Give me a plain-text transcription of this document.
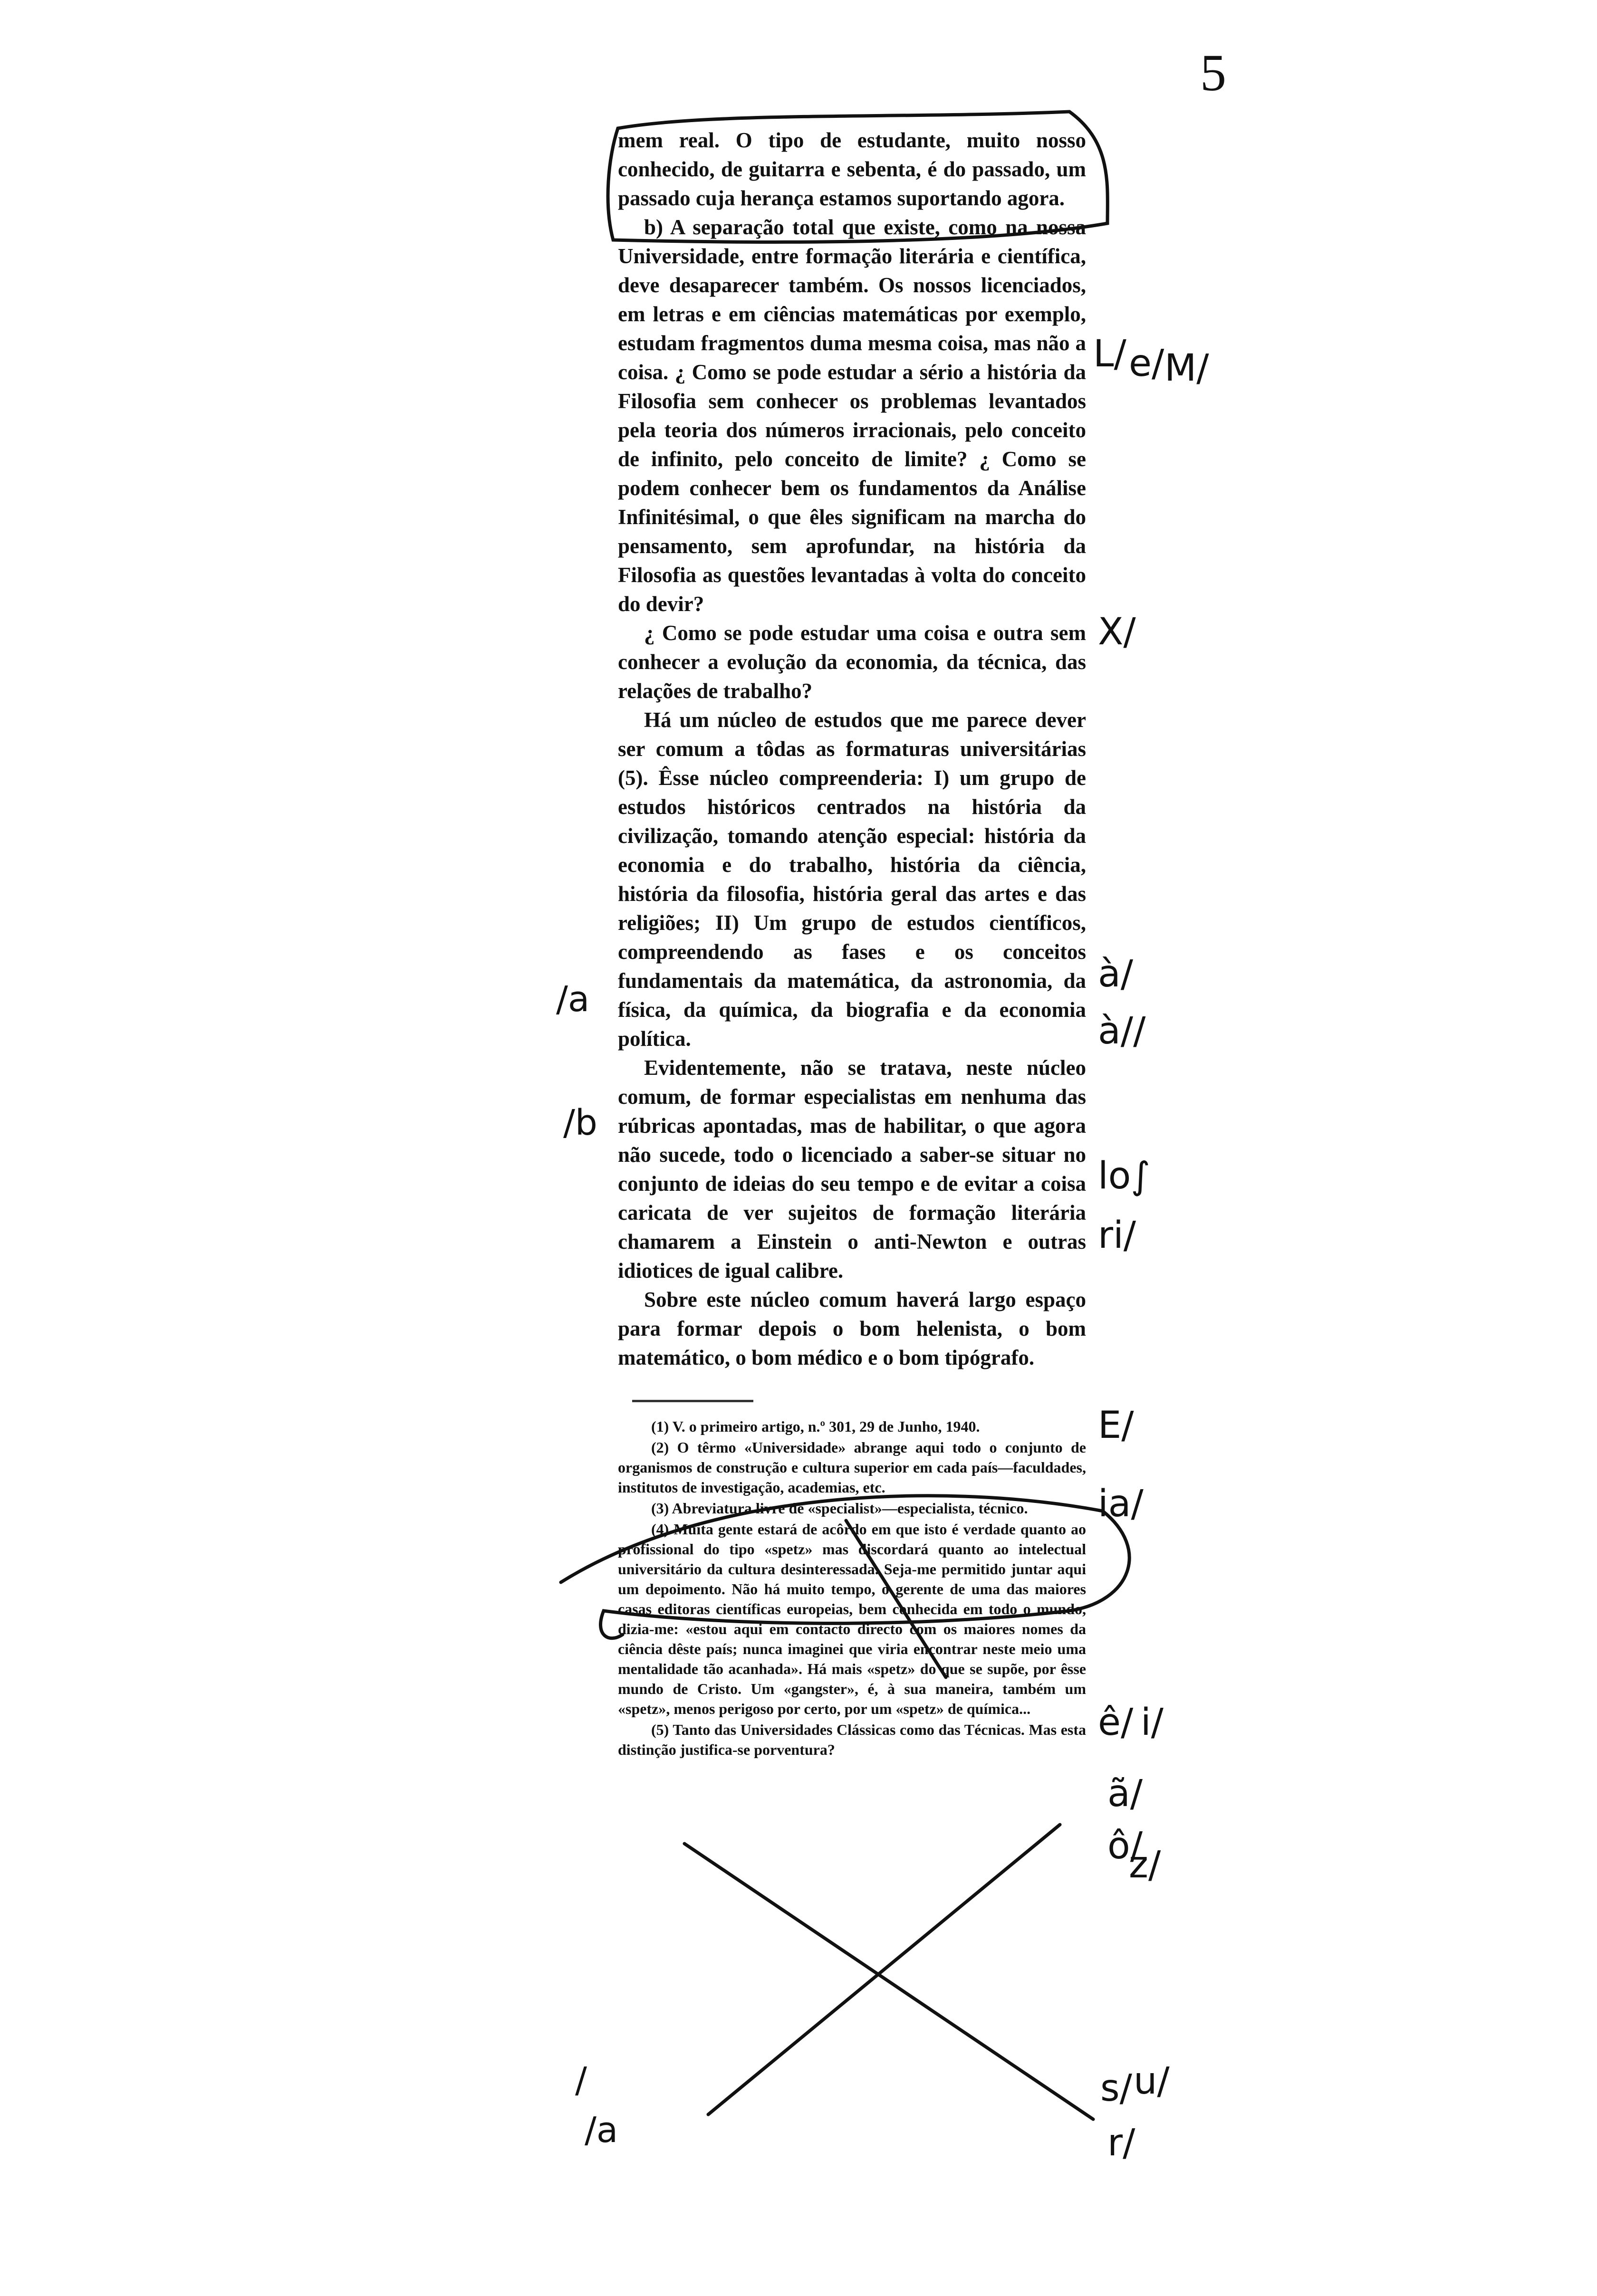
5

mem real. O tipo de estudante, muito nosso conhecido, de guitarra e sebenta, é do passado, um passado cuja herança estamos suportando agora.

b) A separação total que existe, como na nossa Universidade, entre formação literária e científica, deve desaparecer também. Os nossos licenciados, em letras e em ciências matemáticas por exemplo, estudam fragmentos duma mesma coisa, mas não a coisa. ¿ Como se pode estudar a sério a história da Filosofia sem conhecer os problemas levantados pela teoria dos números irracionais, pelo conceito de infinito, pelo conceito de limite? ¿ Como se podem conhecer bem os fundamentos da Análise Infinitésimal, o que êles significam na marcha do pensamento, sem aprofundar, na história da Filosofia as questões levantadas à volta do conceito do devir?

¿ Como se pode estudar uma coisa e outra sem conhecer a evolução da economia, da técnica, das relações de trabalho?

Há um núcleo de estudos que me parece dever ser comum a tôdas as formaturas universitárias (5). Êsse núcleo compreenderia: I) um grupo de estudos históricos centrados na história da civilização, tomando atenção especial: história da economia e do trabalho, história da ciência, história da filosofia, história geral das artes e das religiões; II) Um grupo de estudos científicos, compreendendo as fases e os conceitos fundamentais da matemática, da astronomia, da física, da química, da biografia e da economia política.

Evidentemente, não se tratava, neste núcleo comum, de formar especialistas em nenhuma das rúbricas apontadas, mas de habilitar, o que agora não sucede, todo o licenciado a saber-se situar no conjunto de ideias do seu tempo e de evitar a coisa caricata de ver sujeitos de formação literária chamarem a Einstein o anti-Newton e outras idiotices de igual calibre.

Sobre este núcleo comum haverá largo espaço para formar depois o bom helenista, o bom matemático, o bom médico e o bom tipógrafo.

(1) V. o primeiro artigo, n.º 301, 29 de Junho, 1940.

(2) O têrmo «Universidade» abrange aqui todo o conjunto de organismos de construção e cultura superior em cada país—faculdades, institutos de investigação, academias, etc.

(3) Abreviatura livre de «specialist»—especialista, técnico.

(4) Muita gente estará de acôrdo em que isto é verdade quanto ao profissional do tipo «spetz» mas discordará quanto ao intelectual universitário da cultura desinteressada. Seja-me permitido juntar aqui um depoimento. Não há muito tempo, o gerente de uma das maiores casas editoras científicas europeias, bem conhecida em todo o mundo, dizia-me: «estou aqui em contacto directo com os maiores nomes da ciência dêste país; nunca imaginei que viria encontrar neste meio uma mentalidade tão acanhada». Há mais «spetz» do que se supõe, por êsse mundo de Cristo. Um «gangster», é, à sua maneira, também um «spetz», menos perigoso por certo, por um «spetz» de química...

(5) Tanto das Universidades Clássicas como das Técnicas. Mas esta distinção justifica-se porventura?

L/ e/ M/
X/
à/
à//
lo∫
ri/
E/
ia/
ê/ i/
ã/
ô/
z/
s/ u/
r/
/a
/b
/
/a
